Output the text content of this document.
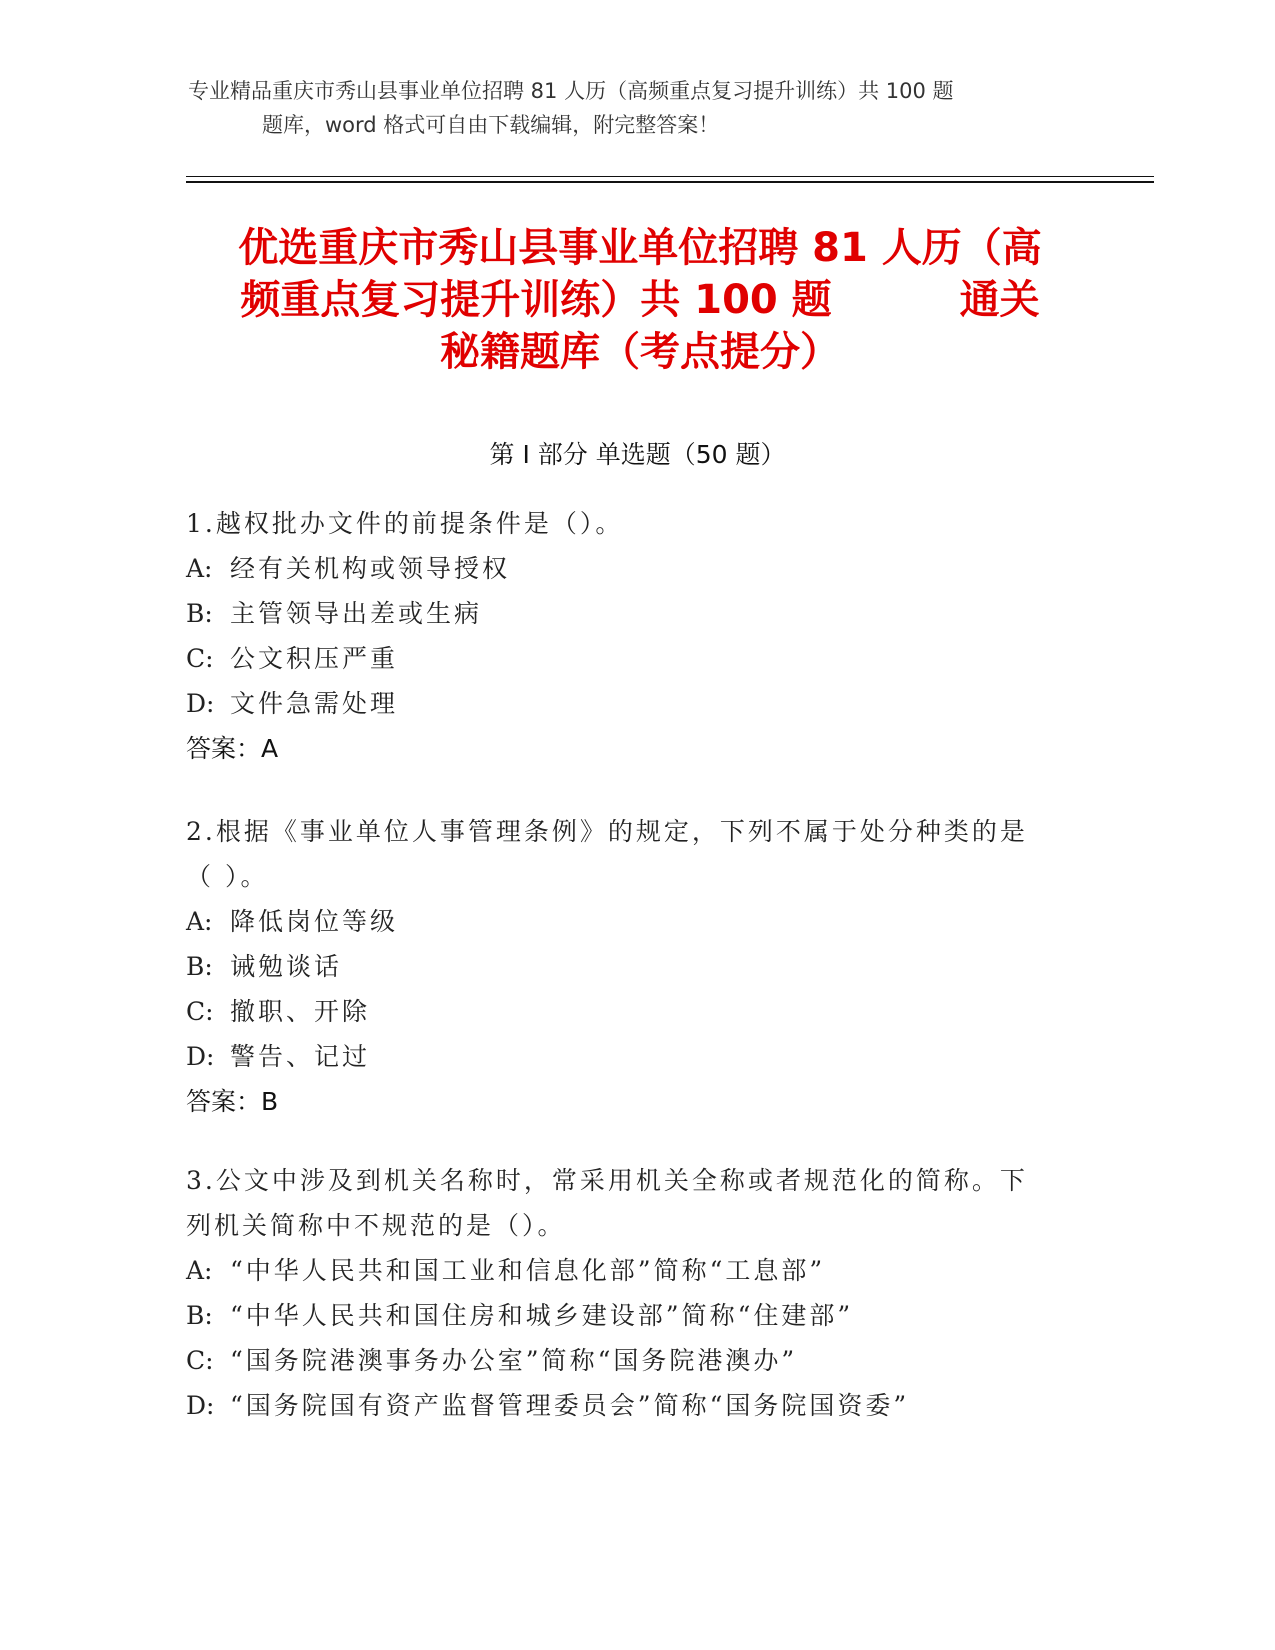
专业精品重庆市秀山县事业单位招聘 81 人历（高频重点复习提升训练）共 100 题
题库，word 格式可自由下载编辑，附完整答案！
优选重庆市秀山县事业单位招聘 81 人历（高
频重点复习提升训练）共 100 题	通关
秘籍题库（考点提分）
第 I 部分 单选题（50 题）
1.越权批办文件的前提条件是（）。
A: 经有关机构或领导授权
B: 主管领导出差或生病
C: 公文积压严重
D: 文件急需处理
答案：A
2.根据《事业单位人事管理条例》的规定，下列不属于处分种类的是
（ ）。
A: 降低岗位等级
B: 诫勉谈话
C: 撤职、开除
D: 警告、记过
答案：B
3.公文中涉及到机关名称时，常采用机关全称或者规范化的简称。下
列机关简称中不规范的是（）。
A: “中华人民共和国工业和信息化部”简称“工息部”
B: “中华人民共和国住房和城乡建设部”简称“住建部”
C: “国务院港澳事务办公室”简称“国务院港澳办”
D: “国务院国有资产监督管理委员会”简称“国务院国资委”
